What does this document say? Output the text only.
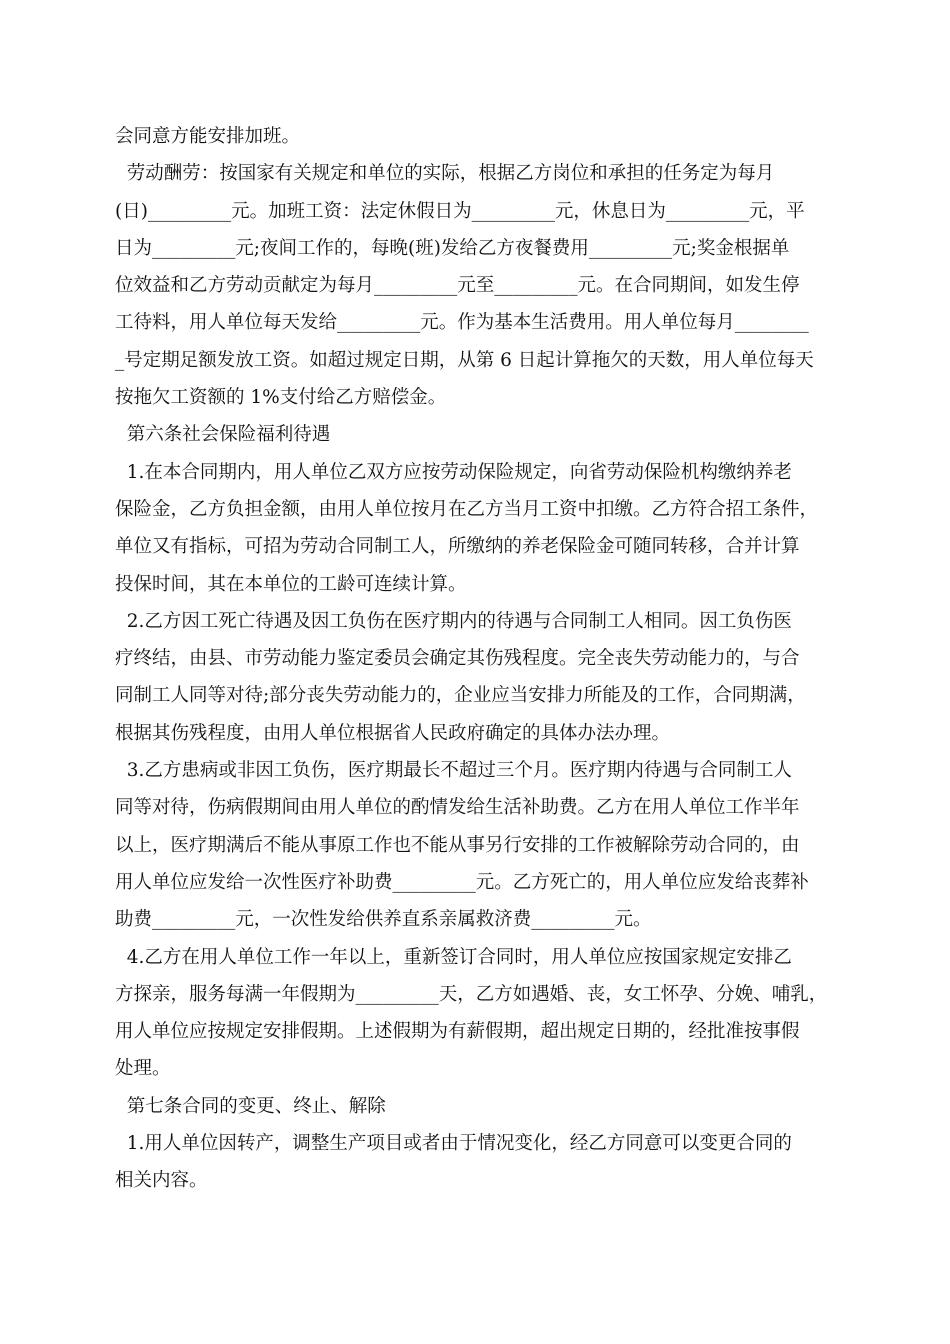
会同意方能安排加班。
劳动酬劳：按国家有关规定和单位的实际，根据乙方岗位和承担的任务定为每月
(日)_________元。加班工资：法定休假日为_________元，休息日为_________元，平
日为_________元;夜间工作的，每晚(班)发给乙方夜餐费用_________元;奖金根据单
位效益和乙方劳动贡献定为每月_________元至_________元。在合同期间，如发生停
工待料，用人单位每天发给_________元。作为基本生活费用。用人单位每月________
_号定期足额发放工资。如超过规定日期，从第 6 日起计算拖欠的天数，用人单位每天
按拖欠工资额的 1%支付给乙方赔偿金。
第六条社会保险福利待遇
1.在本合同期内，用人单位乙双方应按劳动保险规定，向省劳动保险机构缴纳养老
保险金，乙方负担金额，由用人单位按月在乙方当月工资中扣缴。乙方符合招工条件，
单位又有指标，可招为劳动合同制工人，所缴纳的养老保险金可随同转移，合并计算
投保时间，其在本单位的工龄可连续计算。
2.乙方因工死亡待遇及因工负伤在医疗期内的待遇与合同制工人相同。因工负伤医
疗终结，由县、市劳动能力鉴定委员会确定其伤残程度。完全丧失劳动能力的，与合
同制工人同等对待;部分丧失劳动能力的，企业应当安排力所能及的工作，合同期满，
根据其伤残程度，由用人单位根据省人民政府确定的具体办法办理。
3.乙方患病或非因工负伤，医疗期最长不超过三个月。医疗期内待遇与合同制工人
同等对待，伤病假期间由用人单位的酌情发给生活补助费。乙方在用人单位工作半年
以上，医疗期满后不能从事原工作也不能从事另行安排的工作被解除劳动合同的，由
用人单位应发给一次性医疗补助费_________元。乙方死亡的，用人单位应发给丧葬补
助费_________元，一次性发给供养直系亲属救济费_________元。
4.乙方在用人单位工作一年以上，重新签订合同时，用人单位应按国家规定安排乙
方探亲，服务每满一年假期为_________天，乙方如遇婚、丧，女工怀孕、分娩、哺乳，
用人单位应按规定安排假期。上述假期为有薪假期，超出规定日期的，经批准按事假
处理。
第七条合同的变更、终止、解除
1.用人单位因转产，调整生产项目或者由于情况变化，经乙方同意可以变更合同的
相关内容。
